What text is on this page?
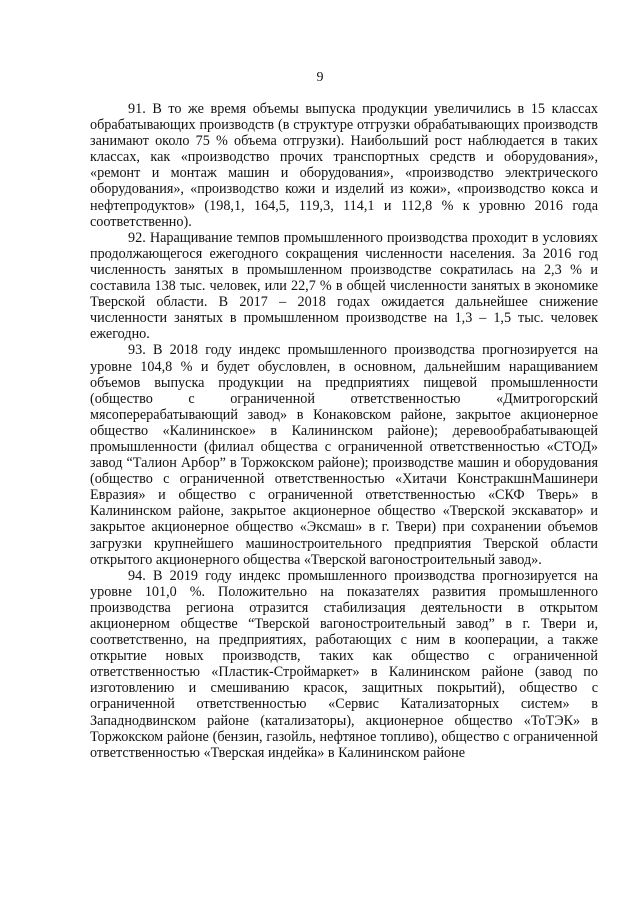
9

91. В то же время объемы выпуска продукции увеличились в 15 классах обрабатывающих производств (в структуре отгрузки обрабатывающих производств занимают около 75 % объема отгрузки). Наибольший рост наблюдается в таких классах, как «производство прочих транспортных средств и оборудования», «ремонт и монтаж машин и оборудования», «производство электрического оборудования», «производство кожи и изделий из кожи», «производство кокса и нефтепродуктов» (198,1, 164,5, 119,3, 114,1 и 112,8 % к уровню 2016 года соответственно).

92. Наращивание темпов промышленного производства проходит в условиях продолжающегося ежегодного сокращения численности населения. За 2016 год численность занятых в промышленном производстве сократилась на 2,3 % и составила 138 тыс. человек, или 22,7 % в общей численности занятых в экономике Тверской области. В 2017 – 2018 годах ожидается дальнейшее снижение численности занятых в промышленном производстве на 1,3 – 1,5 тыс. человек ежегодно.

93. В 2018 году индекс промышленного производства прогнозируется на уровне 104,8 % и будет обусловлен, в основном, дальнейшим наращиванием объемов выпуска продукции на предприятиях пищевой промышленности (общество с ограниченной ответственностью «Дмитрогорский мясоперерабатывающий завод» в Конаковском районе, закрытое акционерное общество «Калининское» в Калининском районе); деревообрабатывающей промышленности (филиал общества с ограниченной ответственностью «СТОД» завод “Талион Арбор” в Торжокском районе); производстве машин и оборудования (общество с ограниченной ответственностью «Хитачи КонстракшнМашинери Евразия» и общество с ограниченной ответственностью «СКФ Тверь» в Калининском районе, закрытое акционерное общество «Тверской экскаватор» и закрытое акционерное общество «Эксмаш» в г. Твери) при сохранении объемов загрузки крупнейшего машиностроительного предприятия Тверской области открытого акционерного общества «Тверской вагоностроительный завод».

94. В 2019 году индекс промышленного производства прогнозируется на уровне 101,0 %. Положительно на показателях развития промышленного производства региона отразится стабилизация деятельности в открытом акционерном обществе “Тверской вагоностроительный завод” в г. Твери и, соответственно, на предприятиях, работающих с ним в кооперации, а также открытие новых производств, таких как общество с ограниченной ответственностью «Пластик-Строймаркет» в Калининском районе (завод по изготовлению и смешиванию красок, защитных покрытий), общество с ограниченной ответственностью «Сервис Катализаторных систем» в Западнодвинском районе (катализаторы), акционерное общество «ТоТЭК» в Торжокском районе (бензин, газойль, нефтяное топливо), общество с ограниченной ответственностью «Тверская индейка» в Калининском районе
